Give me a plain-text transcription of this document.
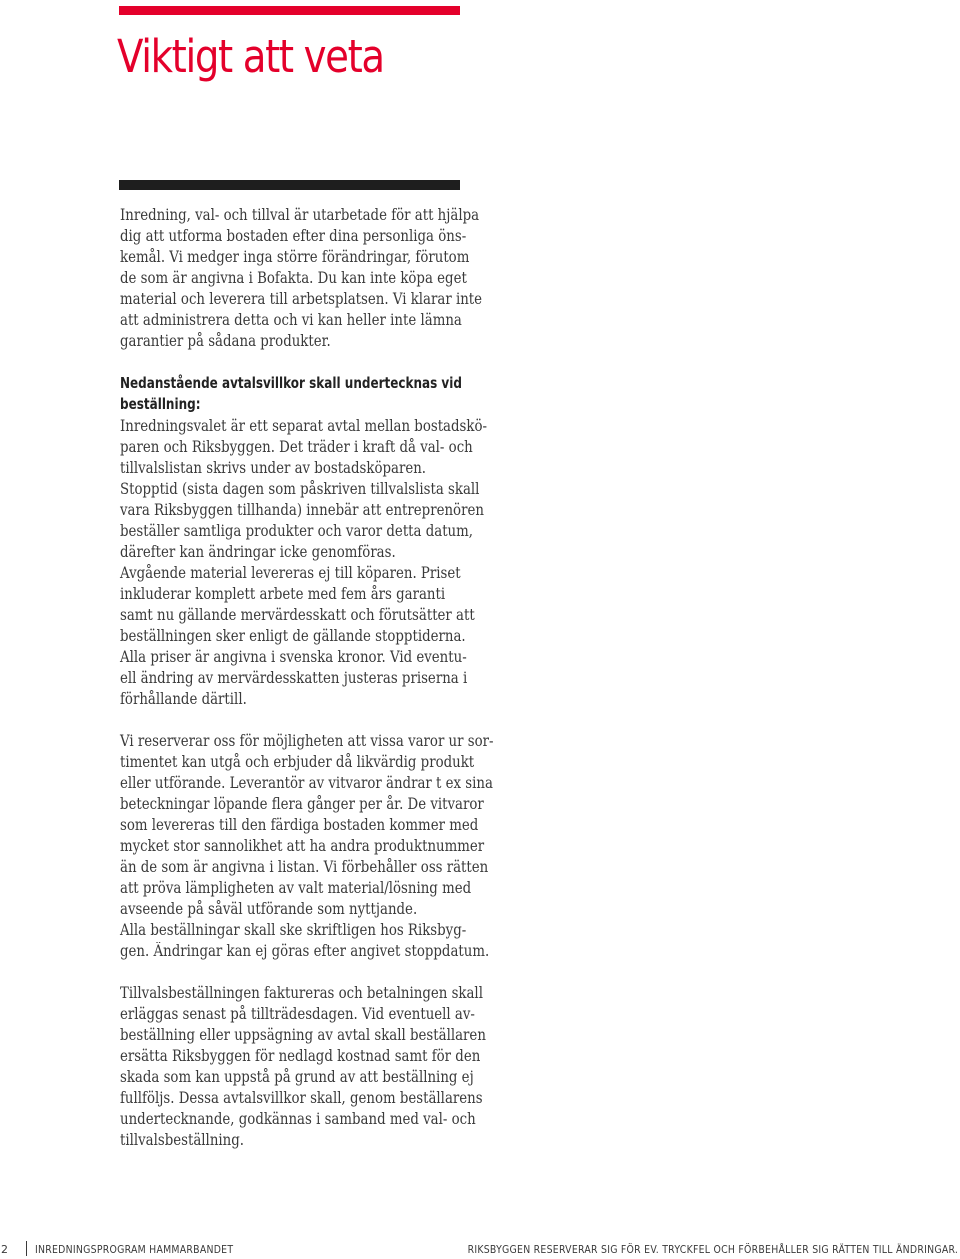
Viktigt att veta
Inredning, val- och tillval är utarbetade för att hjälpa
dig att utforma bostaden efter dina personliga öns-
kemål. Vi medger inga större förändringar, förutom
de som är angivna i Bofakta. Du kan inte köpa eget
material och leverera till arbetsplatsen. Vi klarar inte
att administrera detta och vi kan heller inte lämna
garantier på sådana produkter.
Nedanstående avtalsvillkor skall undertecknas vid
beställning:
Inredningsvalet är ett separat avtal mellan bostadskö-
paren och Riksbyggen. Det träder i kraft då val- och
tillvalslistan skrivs under av bostadsköparen.
Stopptid (sista dagen som påskriven tillvalslista skall
vara Riksbyggen tillhanda) innebär att entreprenören
beställer samtliga produkter och varor detta datum,
därefter kan ändringar icke genomföras.
Avgående material levereras ej till köparen. Priset
inkluderar komplett arbete med fem års garanti
samt nu gällande mervärdesskatt och förutsätter att
beställningen sker enligt de gällande stopptiderna.
Alla priser är angivna i svenska kronor. Vid eventu-
ell ändring av mervärdesskatten justeras priserna i
förhållande därtill.
Vi reserverar oss för möjligheten att vissa varor ur sor-
timentet kan utgå och erbjuder då likvärdig produkt
eller utförande. Leverantör av vitvaror ändrar t ex sina
beteckningar löpande flera gånger per år. De vitvaror
som levereras till den färdiga bostaden kommer med
mycket stor sannolikhet att ha andra produktnummer
än de som är angivna i listan. Vi förbehåller oss rätten
att pröva lämpligheten av valt material/lösning med
avseende på såväl utförande som nyttjande.
Alla beställningar skall ske skriftligen hos Riksbyg-
gen. Ändringar kan ej göras efter angivet stoppdatum.
Tillvalsbeställningen faktureras och betalningen skall
erläggas senast på tillträdesdagen. Vid eventuell av-
beställning eller uppsägning av avtal skall beställaren
ersätta Riksbyggen för nedlagd kostnad samt för den
skada som kan uppstå på grund av att beställning ej
fullföljs. Dessa avtalsvillkor skall, genom beställarens
undertecknande, godkännas i samband med val- och
tillvalsbeställning.
2 INREDNINGSPROGRAM HAMMARBANDET	RIKSBYGGEN RESERVERAR SIG FÖR EV. TRYCKFEL OCH FÖRBEHÅLLER SIG RÄTTEN TILL ÄNDRINGAR.
